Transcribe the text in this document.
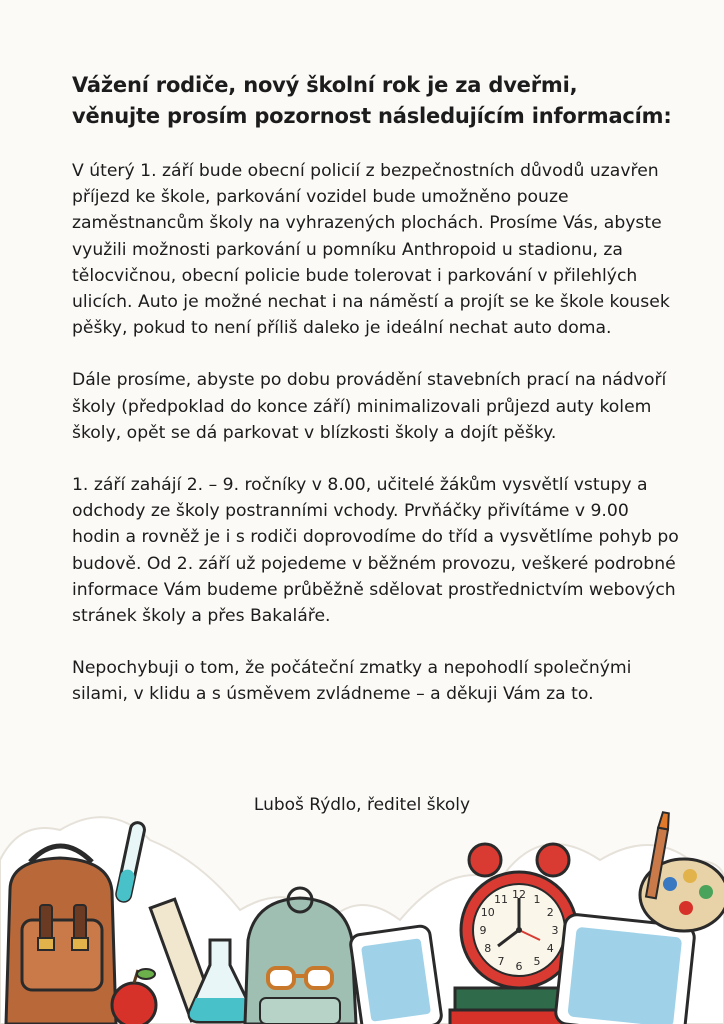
Vážení rodiče, nový školní rok je za dveřmi, věnujte prosím pozornost následujícím informacím:

V úterý 1. září bude obecní policií z bezpečnostních důvodů uzavřen příjezd ke škole, parkování vozidel bude umožněno pouze zaměstnancům školy na vyhrazených plochách. Prosíme Vás, abyste využili možnosti parkování u pomníku Anthropoid u stadionu, za tělocvičnou, obecní policie bude tolerovat i parkování v přilehlých ulicích. Auto je možné nechat i na náměstí a projít se ke škole kousek pěšky, pokud to není příliš daleko je ideální nechat auto doma.

Dále prosíme, abyste po dobu provádění stavebních prací na nádvoří školy (předpoklad do konce září) minimalizovali průjezd auty kolem školy, opět se dá parkovat v blízkosti školy a dojít pěšky.

1. září zahájí 2. – 9. ročníky v 8.00, učitelé žákům vysvětlí vstupy a odchody ze školy postranními vchody. Prvňáčky přivítáme v 9.00 hodin a rovněž je i s rodiči doprovodíme do tříd a vysvětlíme pohyb po budově. Od 2. září už pojedeme v běžném provozu, veškeré podrobné informace Vám budeme průběžně sdělovat prostřednictvím webových stránek školy a přes Bakaláře.

Nepochybuji o tom, že počáteční zmatky a nepohodlí společnými silami, v klidu a s úsměvem zvládneme – a děkuji Vám za to.

Luboš Rýdlo, ředitel školy
12 1
2
3
4
5
6
7
8
9
10
11
